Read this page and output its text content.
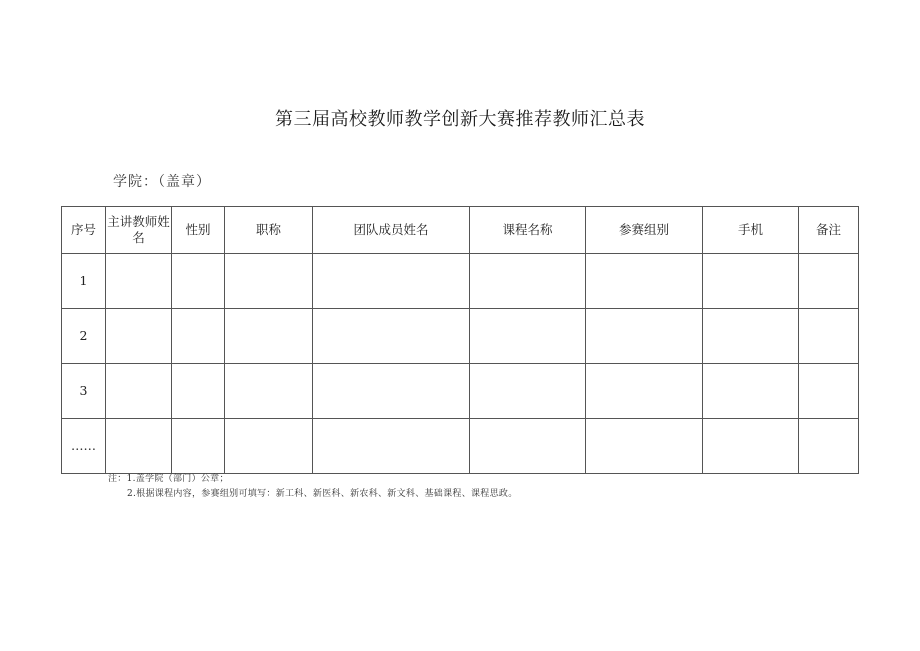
第三届高校教师教学创新大赛推荐教师汇总表
学院：（盖章）
序号	主讲教师姓名	性别	职称	团队成员姓名	课程名称	参赛组别	手机	备注
1								
2								
3								
……								
注：1.盖学院（部门）公章；
2.根据课程内容，参赛组别可填写：新工科、新医科、新农科、新文科、基础课程、课程思政。
